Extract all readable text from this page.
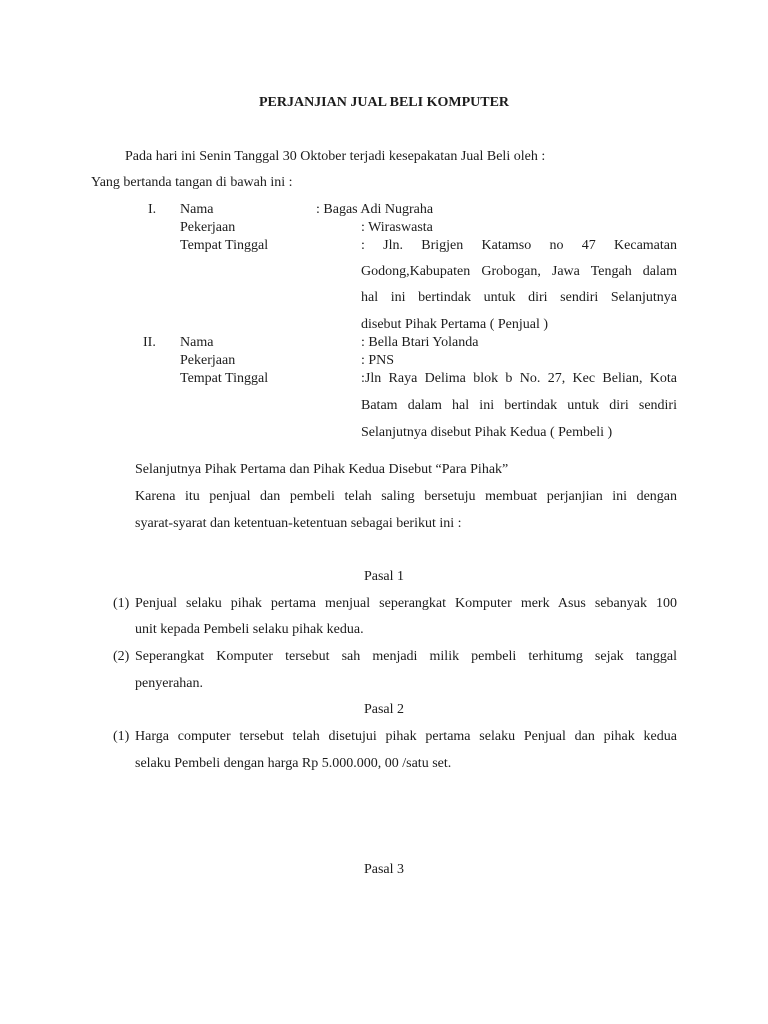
PERJANJIAN JUAL BELI KOMPUTER
Pada hari ini Senin Tanggal 30 Oktober terjadi kesepakatan Jual Beli oleh :
Yang bertanda tangan di bawah ini :
I. Nama	: Bagas Adi Nugraha
Pekerjaan	: Wiraswasta
Tempat Tinggal	: Jln. Brigjen Katamso no 47 Kecamatan
Godong,Kabupaten Grobogan, Jawa Tengah dalam
hal ini bertindak untuk diri sendiri Selanjutnya
disebut Pihak Pertama ( Penjual )
II. Nama	: Bella Btari Yolanda
Pekerjaan	: PNS
Tempat Tinggal	:Jln Raya Delima blok b No. 27, Kec Belian, Kota
Batam dalam hal ini bertindak untuk diri sendiri
Selanjutnya disebut Pihak Kedua ( Pembeli )
Selanjutnya Pihak Pertama dan Pihak Kedua Disebut “Para Pihak”
Karena itu penjual dan pembeli telah saling bersetuju membuat perjanjian ini dengan
syarat-syarat dan ketentuan-ketentuan sebagai berikut ini :
Pasal 1
(1) Penjual selaku pihak pertama menjual seperangkat Komputer merk Asus sebanyak 100
unit kepada Pembeli selaku pihak kedua.
(2) Seperangkat Komputer tersebut sah menjadi milik pembeli terhitumg sejak tanggal
penyerahan.
Pasal 2
(1) Harga computer tersebut telah disetujui pihak pertama selaku Penjual dan pihak kedua
selaku Pembeli dengan harga Rp 5.000.000, 00 /satu set.
Pasal 3
